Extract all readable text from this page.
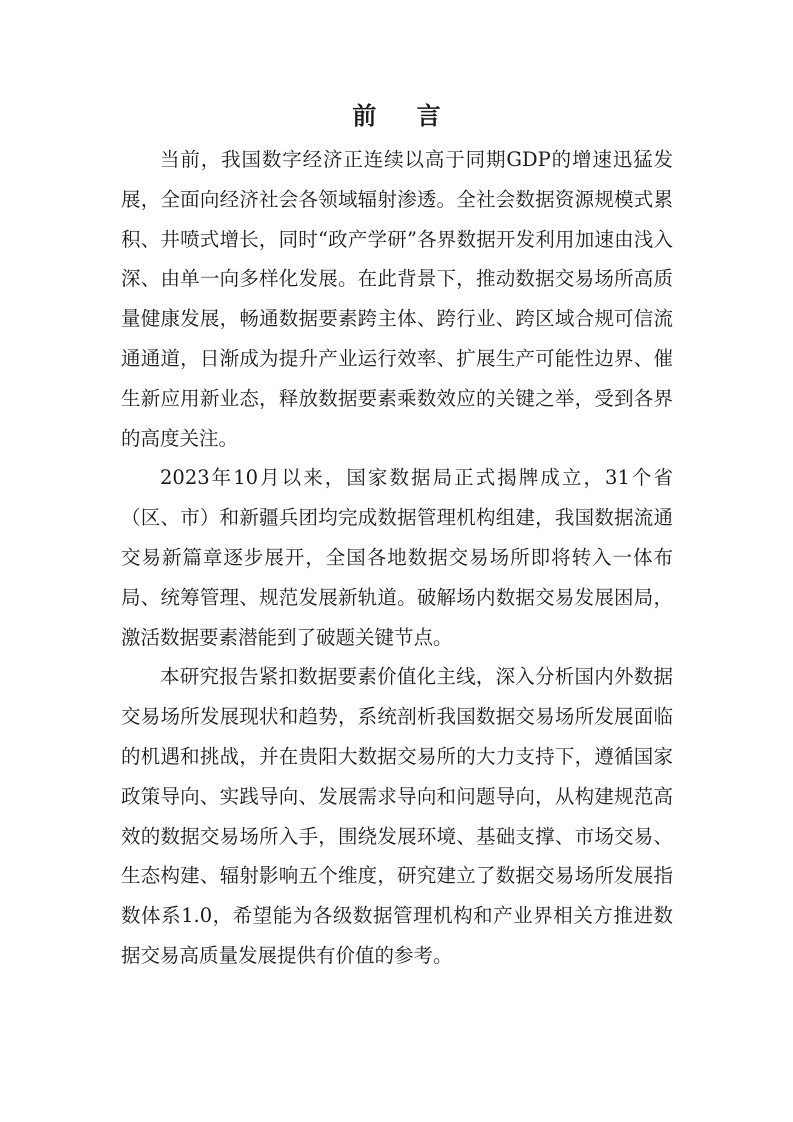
前 言

当前，我国数字经济正连续以高于同期GDP的增速迅猛发展，全面向经济社会各领域辐射渗透。全社会数据资源规模式累积、井喷式增长，同时“政产学研”各界数据开发利用加速由浅入深、由单一向多样化发展。在此背景下，推动数据交易场所高质量健康发展，畅通数据要素跨主体、跨行业、跨区域合规可信流通通道，日渐成为提升产业运行效率、扩展生产可能性边界、催生新应用新业态，释放数据要素乘数效应的关键之举，受到各界的高度关注。

2023年10月以来，国家数据局正式揭牌成立，31个省（区、市）和新疆兵团均完成数据管理机构组建，我国数据流通交易新篇章逐步展开，全国各地数据交易场所即将转入一体布局、统筹管理、规范发展新轨道。破解场内数据交易发展困局，激活数据要素潜能到了破题关键节点。

本研究报告紧扣数据要素价值化主线，深入分析国内外数据交易场所发展现状和趋势，系统剖析我国数据交易场所发展面临的机遇和挑战，并在贵阳大数据交易所的大力支持下，遵循国家政策导向、实践导向、发展需求导向和问题导向，从构建规范高效的数据交易场所入手，围绕发展环境、基础支撑、市场交易、生态构建、辐射影响五个维度，研究建立了数据交易场所发展指数体系1.0，希望能为各级数据管理机构和产业界相关方推进数据交易高质量发展提供有价值的参考。
